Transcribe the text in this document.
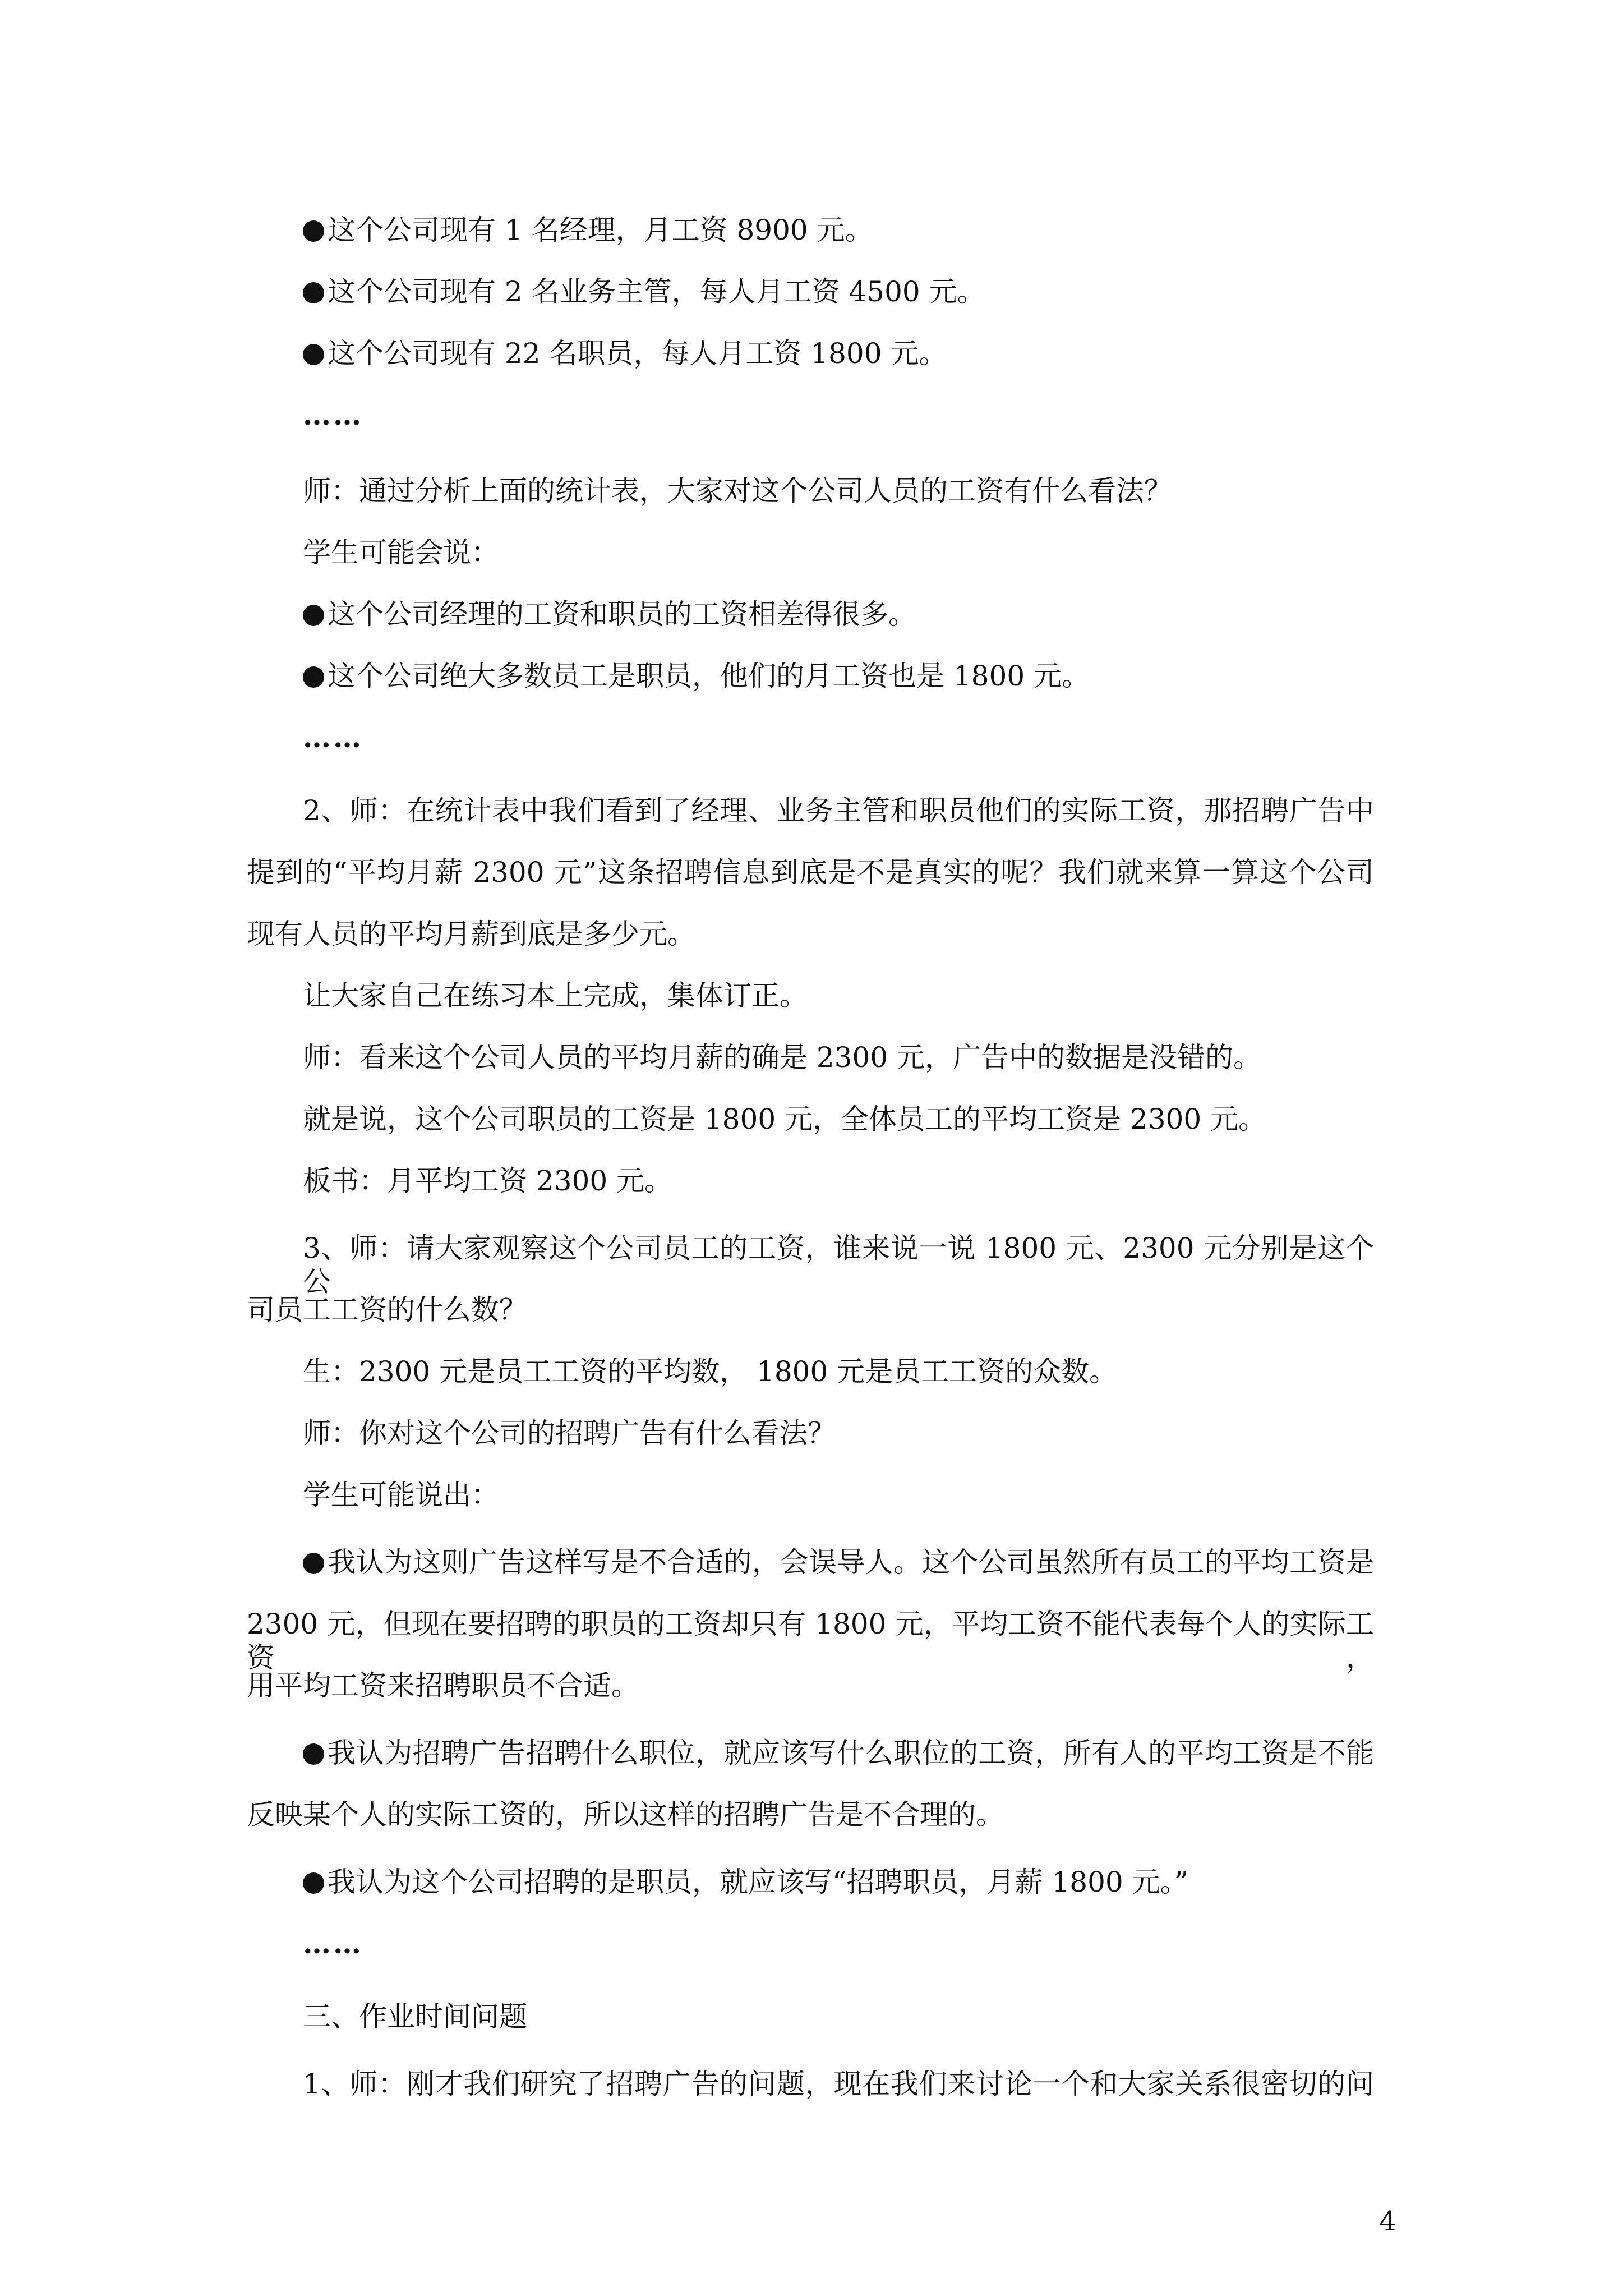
这个公司现有 1 名经理，月工资 8900 元。
这个公司现有 2 名业务主管，每人月工资 4500 元。
这个公司现有 22 名职员，每人月工资 1800 元。
……
师：通过分析上面的统计表，大家对这个公司人员的工资有什么看法？
学生可能会说：
这个公司经理的工资和职员的工资相差得很多。
这个公司绝大多数员工是职员，他们的月工资也是 1800 元。
……
2、师：在统计表中我们看到了经理、业务主管和职员他们的实际工资，那招聘广告中
提到的“平均月薪 2300 元”这条招聘信息到底是不是真实的呢？我们就来算一算这个公司
现有人员的平均月薪到底是多少元。
让大家自己在练习本上完成，集体订正。
师：看来这个公司人员的平均月薪的确是 2300 元，广告中的数据是没错的。
就是说，这个公司职员的工资是 1800 元，全体员工的平均工资是 2300 元。
板书：月平均工资 2300 元。
3、师：请大家观察这个公司员工的工资，谁来说一说 1800 元、2300 元分别是这个公
司员工工资的什么数？
生：2300 元是员工工资的平均数， 1800 元是员工工资的众数。
师：你对这个公司的招聘广告有什么看法？
学生可能说出：
我认为这则广告这样写是不合适的，会误导人。这个公司虽然所有员工的平均工资是
2300 元，但现在要招聘的职员的工资却只有 1800 元，平均工资不能代表每个人的实际工资，
用平均工资来招聘职员不合适。
我认为招聘广告招聘什么职位，就应该写什么职位的工资，所有人的平均工资是不能
反映某个人的实际工资的，所以这样的招聘广告是不合理的。
我认为这个公司招聘的是职员，就应该写“招聘职员，月薪 1800 元。”
……
三、作业时间问题
1、师：刚才我们研究了招聘广告的问题，现在我们来讨论一个和大家关系很密切的问
4
